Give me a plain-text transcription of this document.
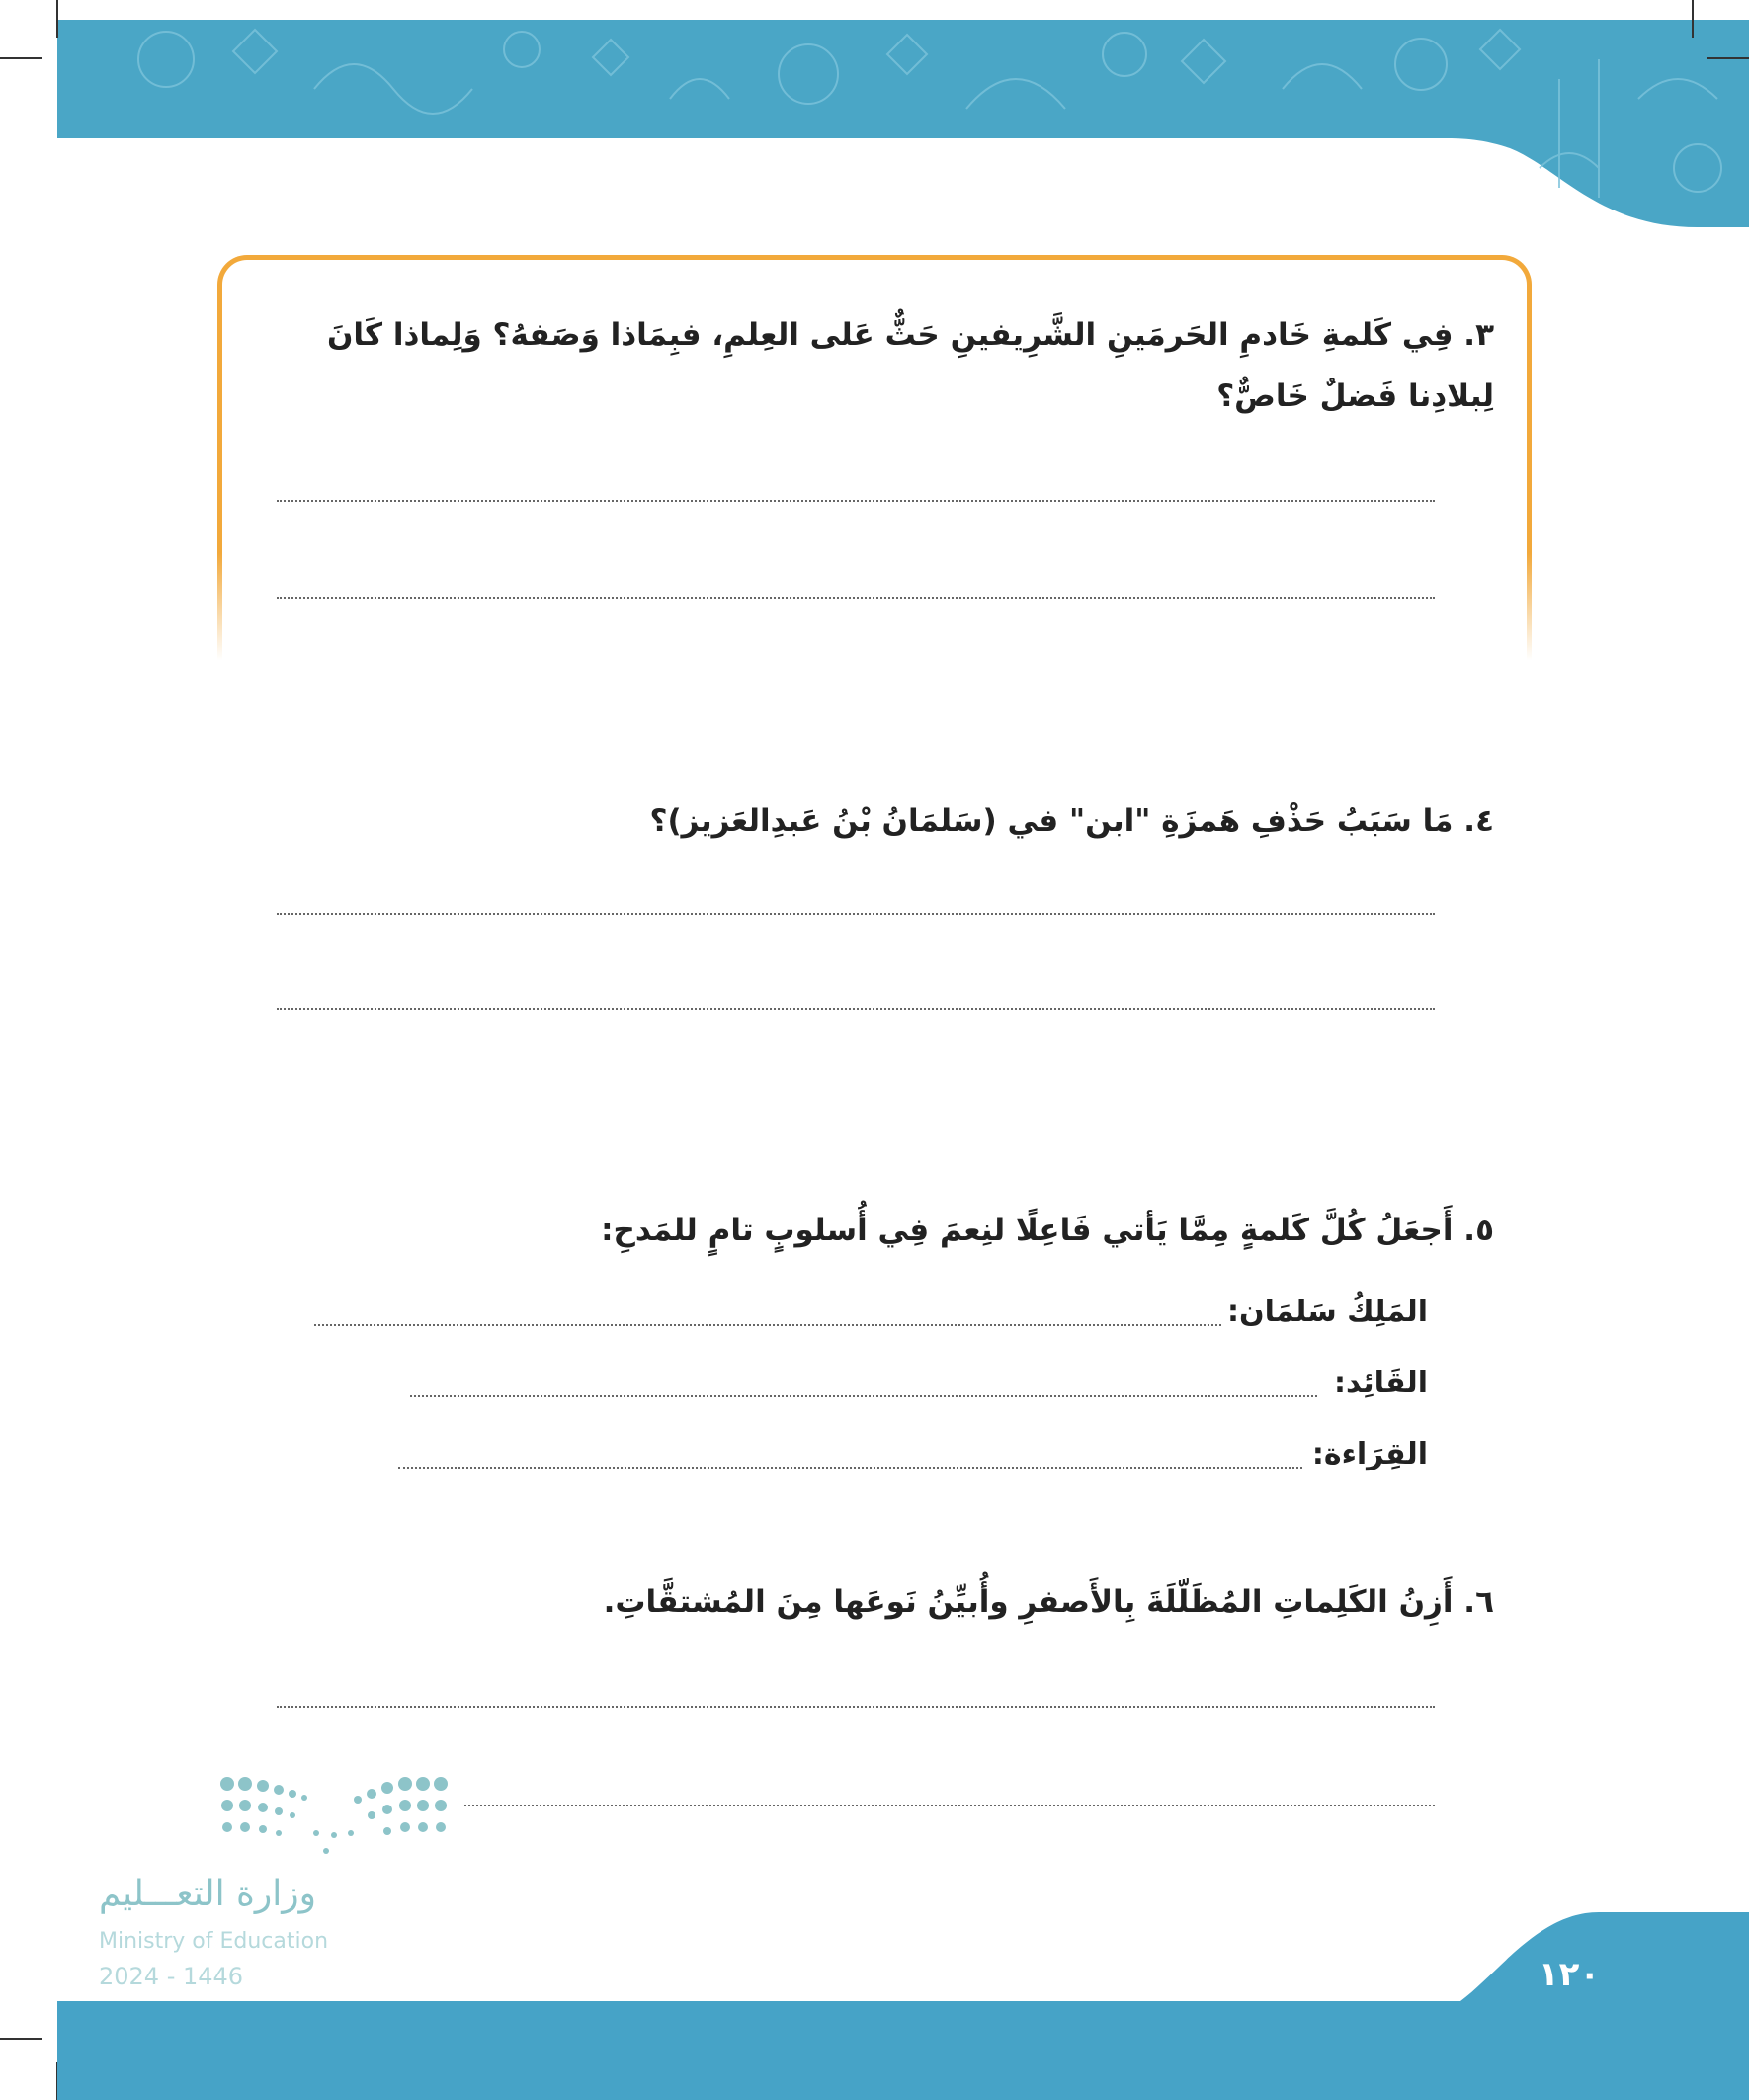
٣. فِي كَلمةِ خَادمِ الحَرمَينِ الشَّرِيفينِ حَثٌّ عَلى العِلمِ، فبِمَاذا وَصَفهُ؟ وَلِماذا كَانَ لِبلادِنا فَضلٌ خَاصٌّ؟
٤. مَا سَبَبُ حَذْفِ هَمزَةِ "ابن" في (سَلمَانُ بْنُ عَبدِالعَزيز)؟
٥. أَجعَلُ كُلَّ كَلمةٍ مِمَّا يَأتي فَاعِلًا لنِعمَ فِي أُسلوبٍ تامٍ للمَدحِ:
المَلِكُ سَلمَان:
القَائِد:
القِرَاءة:
٦. أَزِنُ الكَلِماتِ المُظَلّلَةَ بِالأَصفرِ وأُبيِّنُ نَوعَها مِنَ المُشتقَّاتِ.
وزارة التعـــليم
Ministry of Education
2024 - 1446	١٢٠
